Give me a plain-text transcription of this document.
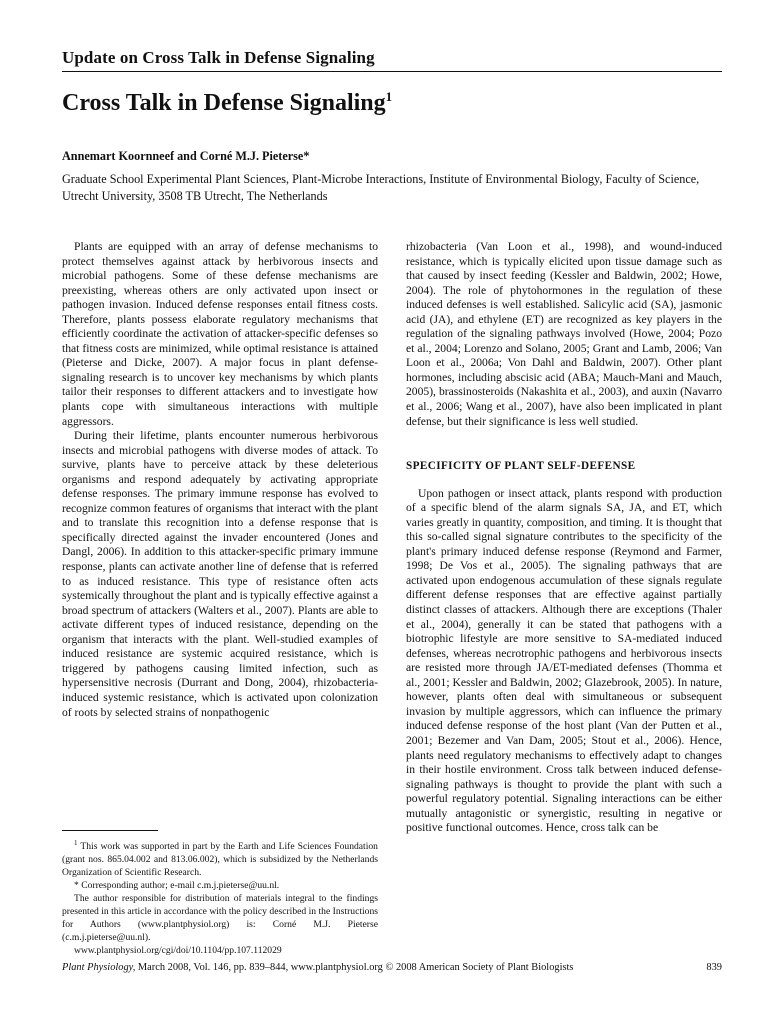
Update on Cross Talk in Defense Signaling
Cross Talk in Defense Signaling$^1$
Annemart Koornneef and Corné M.J. Pieterse*
Graduate School Experimental Plant Sciences, Plant-Microbe Interactions, Institute of Environmental Biology, Faculty of Science, Utrecht University, 3508 TB Utrecht, The Netherlands

Plants are equipped with an array of defense mechanisms to protect themselves against attack by herbivorous insects and microbial pathogens. Some of these defense mechanisms are preexisting, whereas others are only activated upon insect or pathogen invasion. Induced defense responses entail fitness costs. Therefore, plants possess elaborate regulatory mechanisms that efficiently coordinate the activation of attacker-specific defenses so that fitness costs are minimized, while optimal resistance is attained (Pieterse and Dicke, 2007). A major focus in plant defense-signaling research is to uncover key mechanisms by which plants tailor their responses to different attackers and to investigate how plants cope with simultaneous interactions with multiple aggressors.

During their lifetime, plants encounter numerous herbivorous insects and microbial pathogens with diverse modes of attack. To survive, plants have to perceive attack by these deleterious organisms and respond adequately by activating appropriate defense responses. The primary immune response has evolved to recognize common features of organisms that interact with the plant and to translate this recognition into a defense response that is specifically directed against the invader encountered (Jones and Dangl, 2006). In addition to this attacker-specific primary immune response, plants can activate another line of defense that is referred to as induced resistance. This type of resistance often acts systemically throughout the plant and is typically effective against a broad spectrum of attackers (Walters et al., 2007). Plants are able to activate different types of induced resistance, depending on the organism that interacts with the plant. Well-studied examples of induced resistance are systemic acquired resistance, which is triggered by pathogens causing limited infection, such as hypersensitive necrosis (Durrant and Dong, 2004), rhizobacteria-induced systemic resistance, which is activated upon colonization of roots by selected strains of nonpathogenic

rhizobacteria (Van Loon et al., 1998), and wound-induced resistance, which is typically elicited upon tissue damage such as that caused by insect feeding (Kessler and Baldwin, 2002; Howe, 2004). The role of phytohormones in the regulation of these induced defenses is well established. Salicylic acid (SA), jasmonic acid (JA), and ethylene (ET) are recognized as key players in the regulation of the signaling pathways involved (Howe, 2004; Pozo et al., 2004; Lorenzo and Solano, 2005; Grant and Lamb, 2006; Van Loon et al., 2006a; Von Dahl and Baldwin, 2007). Other plant hormones, including abscisic acid (ABA; Mauch-Mani and Mauch, 2005), brassinosteroids (Nakashita et al., 2003), and auxin (Navarro et al., 2006; Wang et al., 2007), have also been implicated in plant defense, but their significance is less well studied.

SPECIFICITY OF PLANT SELF-DEFENSE

Upon pathogen or insect attack, plants respond with production of a specific blend of the alarm signals SA, JA, and ET, which varies greatly in quantity, composition, and timing. It is thought that this so-called signal signature contributes to the specificity of the plant's primary induced defense response (Reymond and Farmer, 1998; De Vos et al., 2005). The signaling pathways that are activated upon endogenous accumulation of these signals regulate different defense responses that are effective against partially distinct classes of attackers. Although there are exceptions (Thaler et al., 2004), generally it can be stated that pathogens with a biotrophic lifestyle are more sensitive to SA-mediated induced defenses, whereas necrotrophic pathogens and herbivorous insects are resisted more through JA/ET-mediated defenses (Thomma et al., 2001; Kessler and Baldwin, 2002; Glazebrook, 2005). In nature, however, plants often deal with simultaneous or subsequent invasion by multiple aggressors, which can influence the primary induced defense response of the host plant (Van der Putten et al., 2001; Bezemer and Van Dam, 2005; Stout et al., 2006). Hence, plants need regulatory mechanisms to effectively adapt to changes in their hostile environment. Cross talk between induced defense-signaling pathways is thought to provide the plant with such a powerful regulatory potential. Signaling interactions can be either mutually antagonistic or synergistic, resulting in negative or positive functional outcomes. Hence, cross talk can be

$^1$ This work was supported in part by the Earth and Life Sciences Foundation (grant nos. 865.04.002 and 813.06.002), which is subsidized by the Netherlands Organization of Scientific Research.

* Corresponding author; e-mail c.m.j.pieterse@uu.nl.

The author responsible for distribution of materials integral to the findings presented in this article in accordance with the policy described in the Instructions for Authors (www.plantphysiol.org) is: Corné M.J. Pieterse (c.m.j.pieterse@uu.nl).

www.plantphysiol.org/cgi/doi/10.1104/pp.107.112029

Plant Physiology, March 2008, Vol. 146, pp. 839–844, www.plantphysiol.org © 2008 American Society of Plant Biologists	839
